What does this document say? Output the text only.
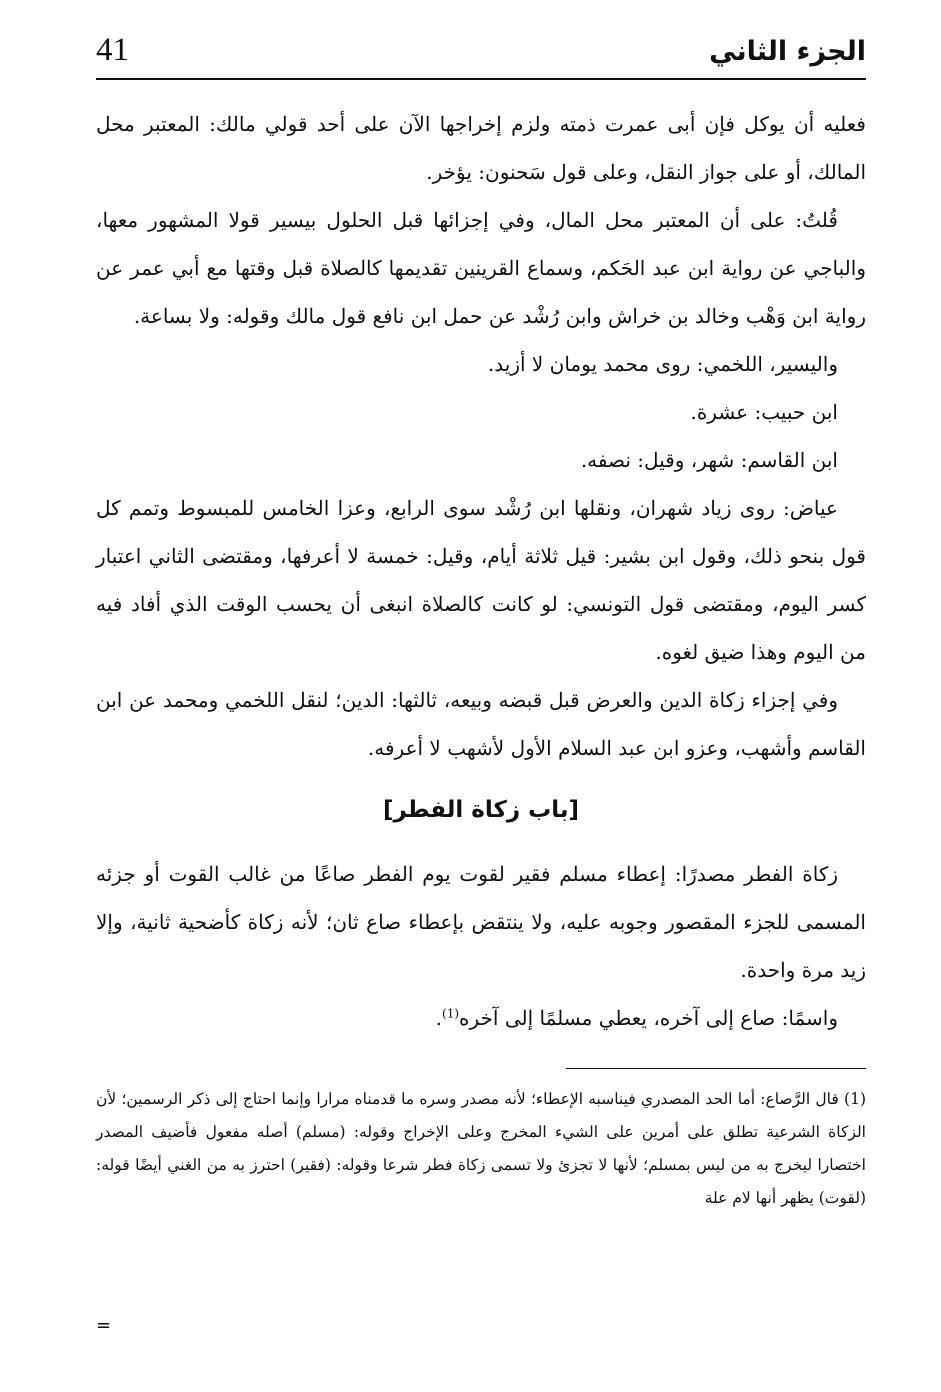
الجزء الثاني
41

فعليه أن يوكل فإن أبى عمرت ذمته ولزم إخراجها الآن على أحد قولي مالك: المعتبر محل المالك، أو على جواز النقل، وعلى قول سَحنون: يؤخر.

قُلتُ: على أن المعتبر محل المال، وفي إجزائها قبل الحلول بيسير قولا المشهور معها، والباجي عن رواية ابن عبد الحَكم، وسماع القرينين تقديمها كالصلاة قبل وقتها مع أبي عمر عن رواية ابن وَهْب وخالد بن خراش وابن رُشْد عن حمل ابن نافع قول مالك وقوله: ولا بساعة.

واليسير، اللخمي: روى محمد يومان لا أزيد.

ابن حبيب: عشرة.

ابن القاسم: شهر، وقيل: نصفه.

عياض: روى زياد شهران، ونقلها ابن رُشْد سوى الرابع، وعزا الخامس للمبسوط وتمم كل قول بنحو ذلك، وقول ابن بشير: قيل ثلاثة أيام، وقيل: خمسة لا أعرفها، ومقتضى الثاني اعتبار كسر اليوم، ومقتضى قول التونسي: لو كانت كالصلاة انبغى أن يحسب الوقت الذي أفاد فيه من اليوم وهذا ضيق لغوه.

وفي إجزاء زكاة الدين والعرض قبل قبضه وبيعه، ثالثها: الدين؛ لنقل اللخمي ومحمد عن ابن القاسم وأشهب، وعزو ابن عبد السلام الأول لأشهب لا أعرفه.

[باب زكاة الفطر]

زكاة الفطر مصدرًا: إعطاء مسلم فقير لقوت يوم الفطر صاعًا من غالب القوت أو جزئه المسمى للجزء المقصور وجوبه عليه، ولا ينتقض بإعطاء صاع ثان؛ لأنه زكاة كأضحية ثانية، وإلا زيد مرة واحدة.

واسمًا: صاع إلى آخره، يعطي مسلمًا إلى آخره$^{(1)}$.

(1) قال الرَّصاع: أما الحد المصدري فيناسبه الإعطاء؛ لأنه مصدر وسره ما قدمناه مرارا وإنما احتاج إلى ذكر الرسمين؛ لأن الزكاة الشرعية تطلق على أمرين على الشيء المخرج وعلى الإخراج وقوله: (مسلم) أصله مفعول فأضيف المصدر اختصارا ليخرج به من ليس بمسلم؛ لأنها لا تجزئ ولا تسمى زكاة فطر شرعا وقوله: (فقير) احترز به من الغني أيضًا قوله: (لقوت) يظهر أنها لام علة

=
